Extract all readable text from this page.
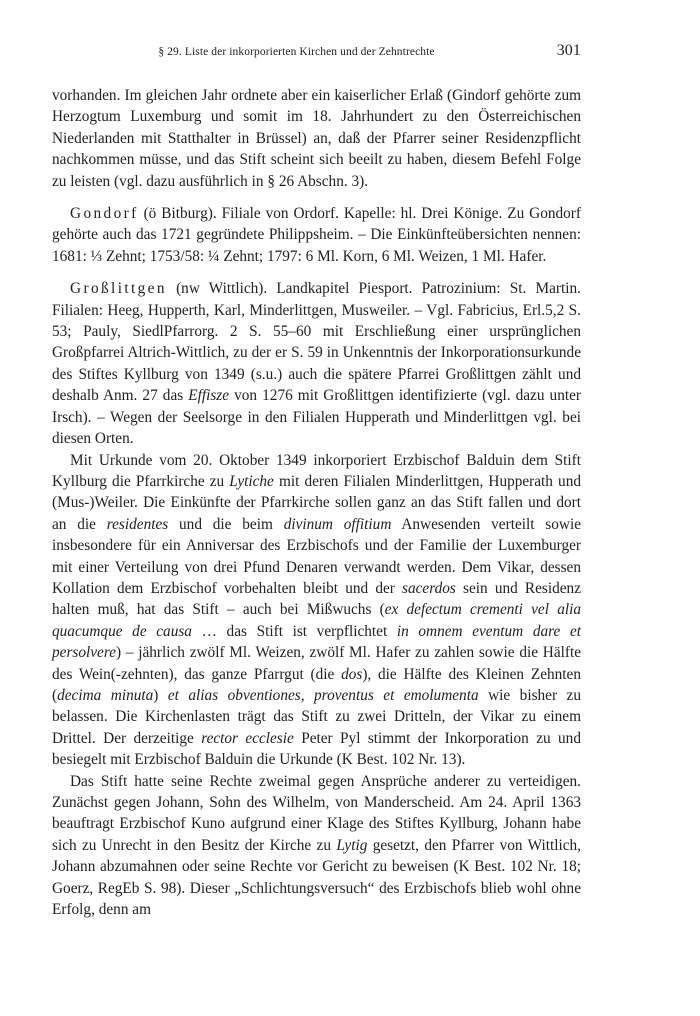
§ 29. Liste der inkorporierten Kirchen und der Zehntrechte	301

vorhanden. Im gleichen Jahr ordnete aber ein kaiserlicher Erlaß (Gindorf gehörte zum Herzogtum Luxemburg und somit im 18. Jahrhundert zu den Österreichischen Niederlanden mit Statthalter in Brüssel) an, daß der Pfarrer seiner Residenzpflicht nachkommen müsse, und das Stift scheint sich beeilt zu haben, diesem Befehl Folge zu leisten (vgl. dazu ausführlich in § 26 Abschn. 3).

Gondorf (ö Bitburg). Filiale von Ordorf. Kapelle: hl. Drei Könige. Zu Gondorf gehörte auch das 1721 gegründete Philippsheim. – Die Einkünfteübersichten nennen: 1681: ⅓ Zehnt; 1753/58: ¼ Zehnt; 1797: 6 Ml. Korn, 6 Ml. Weizen, 1 Ml. Hafer.

Großlittgen (nw Wittlich). Landkapitel Piesport. Patrozinium: St. Martin. Filialen: Heeg, Hupperth, Karl, Minderlittgen, Musweiler. – Vgl. Fabricius, Erl.5,2 S. 53; Pauly, SiedlPfarrorg. 2 S. 55–60 mit Erschließung einer ursprünglichen Großpfarrei Altrich-Wittlich, zu der er S. 59 in Unkenntnis der Inkorporationsurkunde des Stiftes Kyllburg von 1349 (s.u.) auch die spätere Pfarrei Großlittgen zählt und deshalb Anm. 27 das Effisze von 1276 mit Großlittgen identifizierte (vgl. dazu unter Irsch). – Wegen der Seelsorge in den Filialen Hupperath und Minderlittgen vgl. bei diesen Orten.

Mit Urkunde vom 20. Oktober 1349 inkorporiert Erzbischof Balduin dem Stift Kyllburg die Pfarrkirche zu Lytiche mit deren Filialen Minderlittgen, Hupperath und (Mus-)Weiler. Die Einkünfte der Pfarrkirche sollen ganz an das Stift fallen und dort an die residentes und die beim divinum offitium Anwesenden verteilt sowie insbesondere für ein Anniversar des Erzbischofs und der Familie der Luxemburger mit einer Verteilung von drei Pfund Denaren verwandt werden. Dem Vikar, dessen Kollation dem Erzbischof vorbehalten bleibt und der sacerdos sein und Residenz halten muß, hat das Stift – auch bei Mißwuchs (ex defectum crementi vel alia quacumque de causa … das Stift ist verpflichtet in omnem eventum dare et persolvere) – jährlich zwölf Ml. Weizen, zwölf Ml. Hafer zu zahlen sowie die Hälfte des Wein(-zehnten), das ganze Pfarrgut (die dos), die Hälfte des Kleinen Zehnten (decima minuta) et alias obventiones, proventus et emolumenta wie bisher zu belassen. Die Kirchenlasten trägt das Stift zu zwei Dritteln, der Vikar zu einem Drittel. Der derzeitige rector ecclesie Peter Pyl stimmt der Inkorporation zu und besiegelt mit Erzbischof Balduin die Urkunde (K Best. 102 Nr. 13).

Das Stift hatte seine Rechte zweimal gegen Ansprüche anderer zu verteidigen. Zunächst gegen Johann, Sohn des Wilhelm, von Manderscheid. Am 24. April 1363 beauftragt Erzbischof Kuno aufgrund einer Klage des Stiftes Kyllburg, Johann habe sich zu Unrecht in den Besitz der Kirche zu Lytig gesetzt, den Pfarrer von Wittlich, Johann abzumahnen oder seine Rechte vor Gericht zu beweisen (K Best. 102 Nr. 18; Goerz, RegEb S. 98). Dieser „Schlichtungsversuch“ des Erzbischofs blieb wohl ohne Erfolg, denn am
